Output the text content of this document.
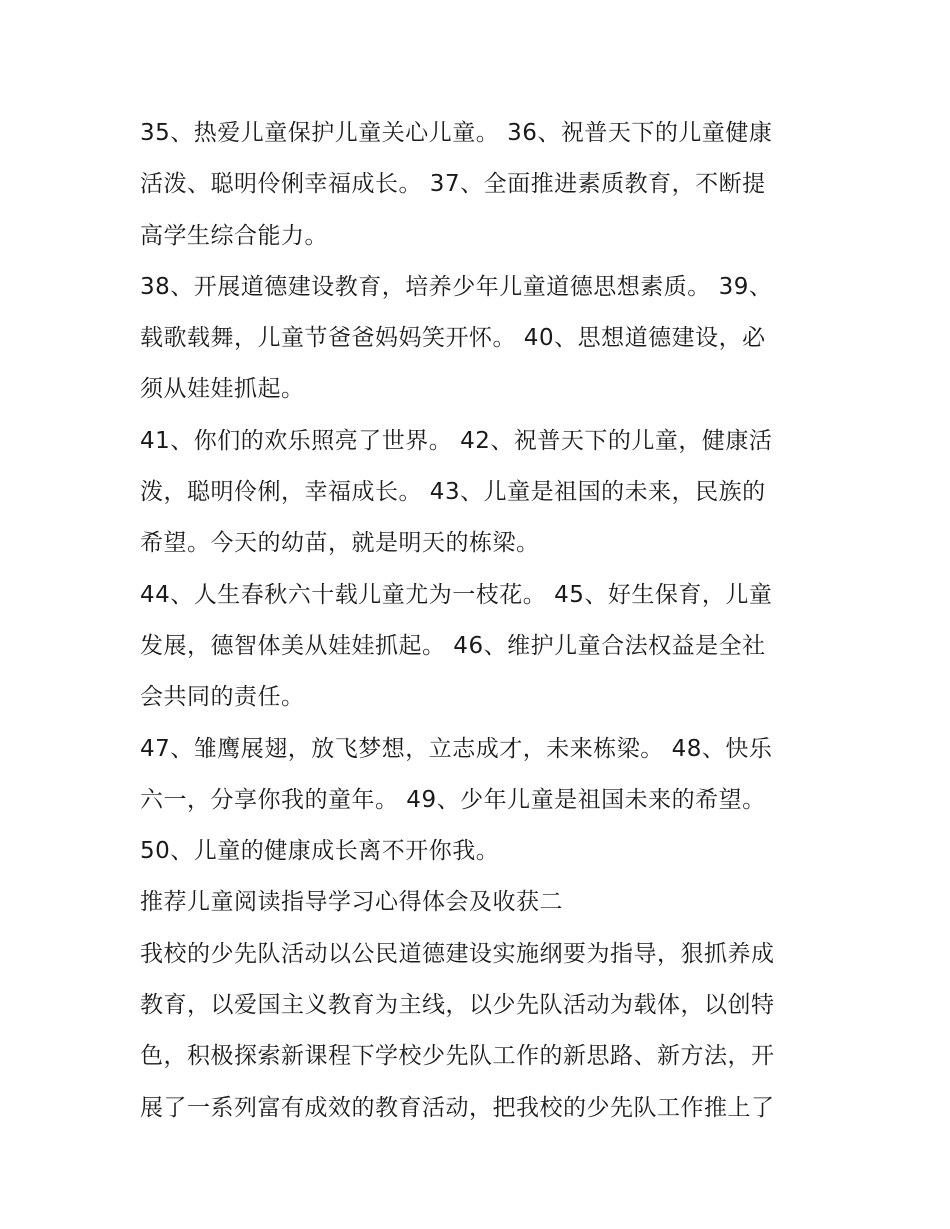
35、热爱儿童保护儿童关心儿童。 36、祝普天下的儿童健康
活泼、聪明伶俐幸福成长。 37、全面推进素质教育，不断提
高学生综合能力。
38、开展道德建设教育，培养少年儿童道德思想素质。 39、
载歌载舞，儿童节爸爸妈妈笑开怀。 40、思想道德建设，必
须从娃娃抓起。
41、你们的欢乐照亮了世界。 42、祝普天下的儿童，健康活
泼，聪明伶俐，幸福成长。 43、儿童是祖国的未来，民族的
希望。今天的幼苗，就是明天的栋梁。
44、人生春秋六十载儿童尤为一枝花。 45、好生保育，儿童
发展，德智体美从娃娃抓起。 46、维护儿童合法权益是全社
会共同的责任。
47、雏鹰展翅，放飞梦想，立志成才，未来栋梁。 48、快乐
六一，分享你我的童年。 49、少年儿童是祖国未来的希望。
50、儿童的健康成长离不开你我。
推荐儿童阅读指导学习心得体会及收获二
我校的少先队活动以公民道德建设实施纲要为指导，狠抓养成
教育，以爱国主义教育为主线，以少先队活动为载体，以创特
色，积极探索新课程下学校少先队工作的新思路、新方法，开
展了一系列富有成效的教育活动，把我校的少先队工作推上了
